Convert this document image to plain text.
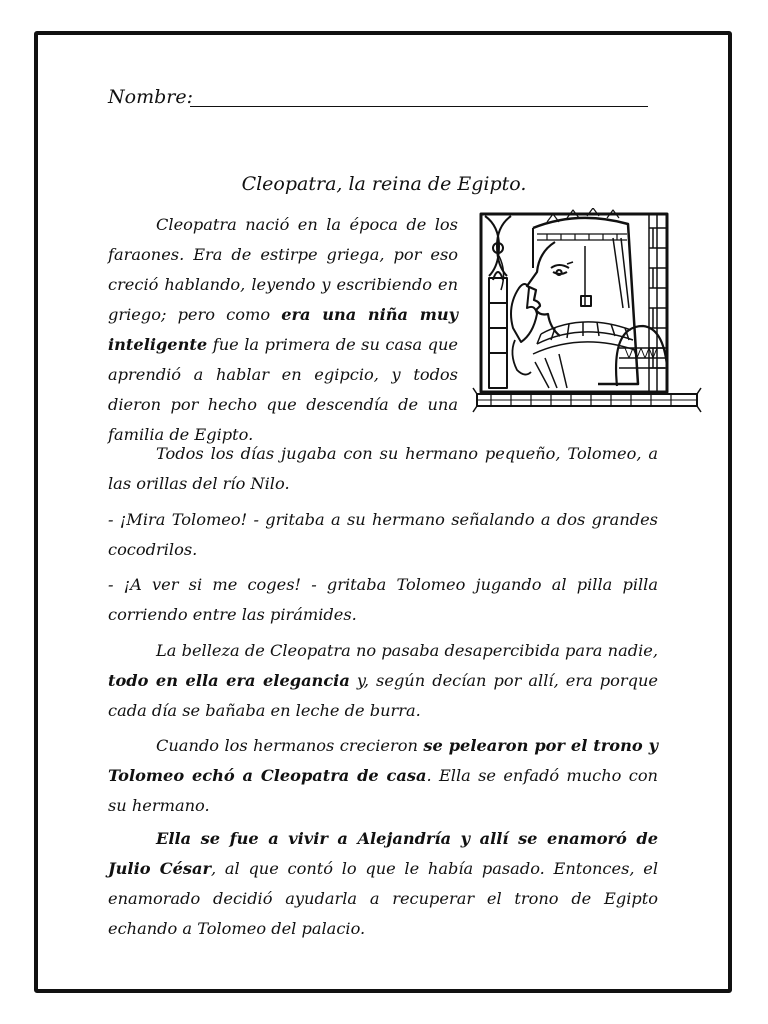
Nombre:
Cleopatra, la reina de Egipto.

Cleopatra nació en la época de los faraones. Era de estirpe griega, por eso creció hablando, leyendo y escribiendo en griego; pero como era una niña muy inteligente fue la primera de su casa que aprendió a hablar en egipcio, y todos dieron por hecho que descendía de una familia de Egipto.

Todos los días jugaba con su hermano pequeño, Tolomeo, a las orillas del río Nilo.

- ¡Mira Tolomeo! - gritaba a su hermano señalando a dos grandes cocodrilos.

- ¡A ver si me coges! - gritaba Tolomeo jugando al pilla pilla corriendo entre las pirámides.

La belleza de Cleopatra no pasaba desapercibida para nadie, todo en ella era elegancia y, según decían por allí, era porque cada día se bañaba en leche de burra.

Cuando los hermanos crecieron se pelearon por el trono y Tolomeo echó a Cleopatra de casa. Ella se enfadó mucho con su hermano.

Ella se fue a vivir a Alejandría y allí se enamoró de Julio César, al que contó lo que le había pasado. Entonces, el enamorado decidió ayudarla a recuperar el trono de Egipto echando a Tolomeo del palacio.
